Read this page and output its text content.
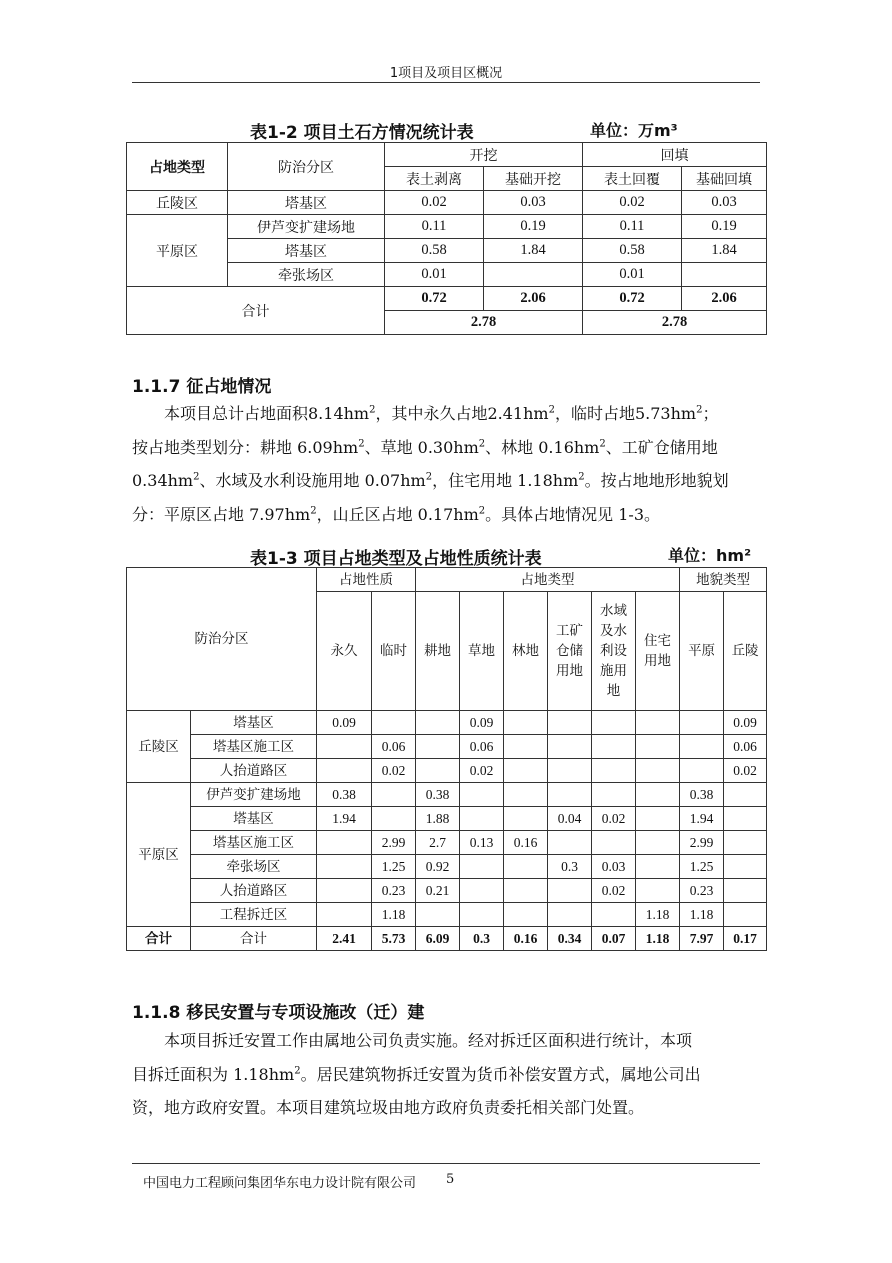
1项目及项目区概况
表1-2 项目土石方情况统计表	单位：万m³
占地类型	防治分区	开挖		回填	
		表土剥离	基础开挖	表土回覆	基础回填
丘陵区	塔基区	0.02	0.03	0.02	0.03
平原区	伊芦变扩建场地	0.11	0.19	0.11	0.19
	塔基区	0.58	1.84	0.58	1.84
	牵张场区	0.01		0.01	
合计		0.72	2.06	0.72	2.06
		2.78		2.78	
1.1.7 征占地情况
本项目总计占地面积$8.14hm^2$，其中永久占地$2.41hm^2$，临时占地$5.73hm^2$；
按占地类型划分：耕地 $6.09hm^2$、草地 $0.30hm^2$、林地 $0.16hm^2$、工矿仓储用地
$0.34hm^2$、水域及水利设施用地 $0.07hm^2$，住宅用地 $1.18hm^2$。按占地地形地貌划
分：平原区占地 $7.97hm^2$，山丘区占地 $0.17hm^2$。具体占地情况见 1-3。
表1-3 项目占地类型及占地性质统计表	单位：hm²
防治分区		占地性质		占地类型						地貌类型	
		永久	临时	耕地	草地	林地	工矿仓储用地	水域及水利设施用地	住宅用地	平原	丘陵
丘陵区	塔基区	0.09			0.09						0.09
	塔基区施工区		0.06		0.06						0.06
	人抬道路区		0.02		0.02						0.02
平原区	伊芦变扩建场地	0.38		0.38						0.38	
	塔基区	1.94		1.88			0.04	0.02		1.94	
	塔基区施工区		2.99	2.7	0.13	0.16				2.99	
	牵张场区		1.25	0.92			0.3	0.03		1.25	
	人抬道路区		0.23	0.21				0.02		0.23	
	工程拆迁区		1.18						1.18	1.18	
合计	合计	2.41	5.73	6.09	0.3	0.16	0.34	0.07	1.18	7.97	0.17
1.1.8 移民安置与专项设施改（迁）建
本项目拆迁安置工作由属地公司负责实施。经对拆迁区面积进行统计，本项
目拆迁面积为 $1.18hm^2$。居民建筑物拆迁安置为货币补偿安置方式，属地公司出
资，地方政府安置。本项目建筑垃圾由地方政府负责委托相关部门处置。
中国电力工程顾问集团华东电力设计院有限公司 5
